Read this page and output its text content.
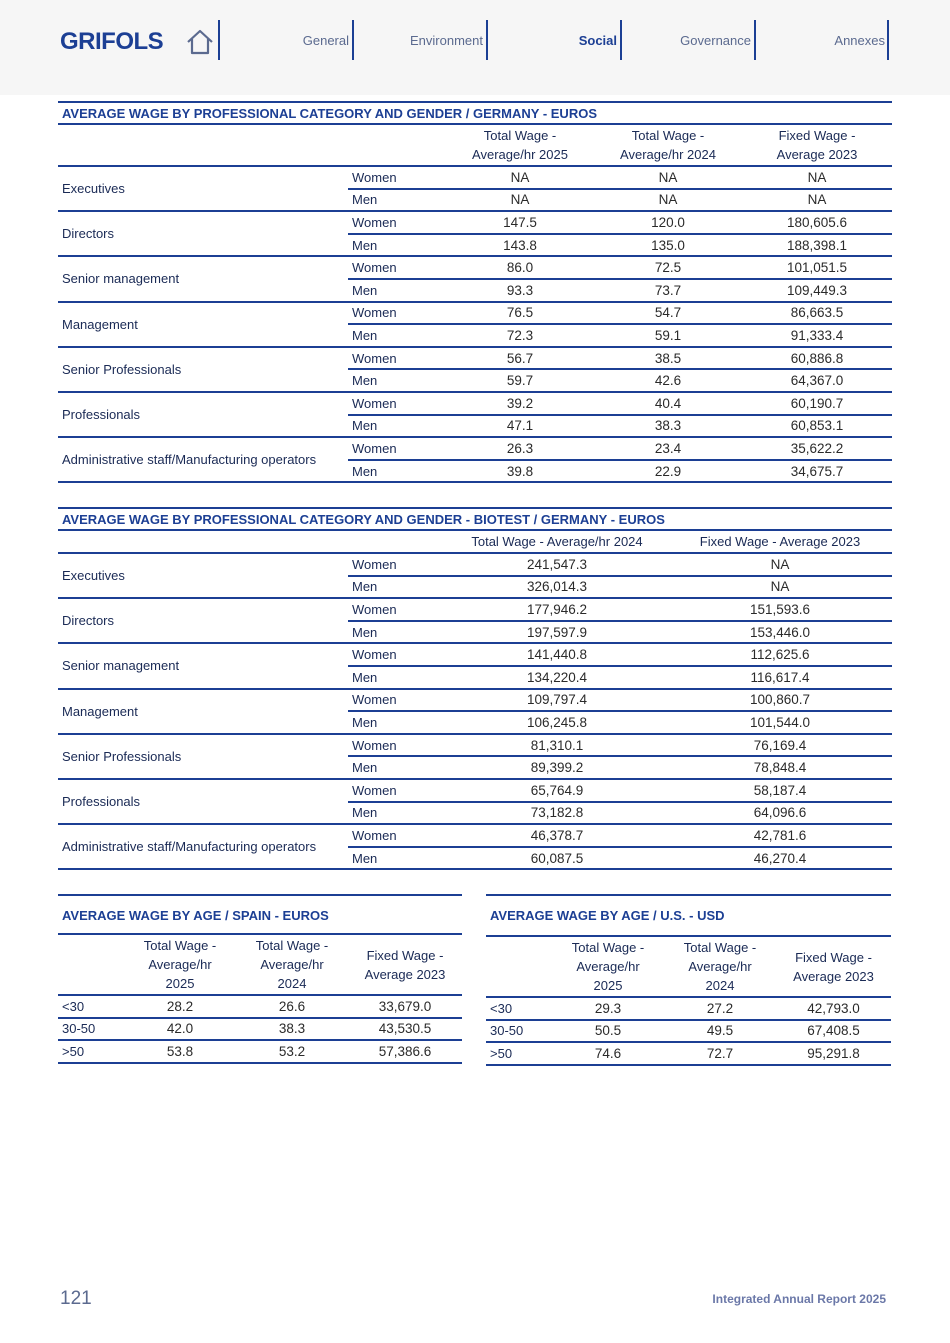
GRIFOLS	General	Environment	Social	Governance	Annexes
AVERAGE WAGE BY PROFESSIONAL CATEGORY AND GENDER / GERMANY - EUROS				
		Total Wage -
Average/hr 2025	Total Wage -
Average/hr 2024	Fixed Wage -
Average 2023
Executives	Women	NA	NA	NA
	Men	NA	NA	NA
Directors	Women	147.5	120.0	180,605.6
	Men	143.8	135.0	188,398.1
Senior management	Women	86.0	72.5	101,051.5
	Men	93.3	73.7	109,449.3
Management	Women	76.5	54.7	86,663.5
	Men	72.3	59.1	91,333.4
Senior Professionals	Women	56.7	38.5	60,886.8
	Men	59.7	42.6	64,367.0
Professionals	Women	39.2	40.4	60,190.7
	Men	47.1	38.3	60,853.1
Administrative staff/Manufacturing operators	Women	26.3	23.4	35,622.2
	Men	39.8	22.9	34,675.7
AVERAGE WAGE BY PROFESSIONAL CATEGORY AND GENDER - BIOTEST / GERMANY - EUROS			
		Total Wage - Average/hr 2024	Fixed Wage - Average 2023
Executives	Women	241,547.3	NA
	Men	326,014.3	NA
Directors	Women	177,946.2	151,593.6
	Men	197,597.9	153,446.0
Senior management	Women	141,440.8	112,625.6
	Men	134,220.4	116,617.4
Management	Women	109,797.4	100,860.7
	Men	106,245.8	101,544.0
Senior Professionals	Women	81,310.1	76,169.4
	Men	89,399.2	78,848.4
Professionals	Women	65,764.9	58,187.4
	Men	73,182.8	64,096.6
Administrative staff/Manufacturing operators	Women	46,378.7	42,781.6
	Men	60,087.5	46,270.4
AVERAGE WAGE BY AGE / SPAIN - EUROS
	Total Wage -
Average/hr
2025	Total Wage -
Average/hr
2024	Fixed Wage -
Average 2023
<30	28.2	26.6	33,679.0
30-50	42.0	38.3	43,530.5
>50	53.8	53.2	57,386.6
AVERAGE WAGE BY AGE / U.S. - USD
	Total Wage -
Average/hr
2025	Total Wage -
Average/hr
2024	Fixed Wage -
Average 2023
<30	29.3	27.2	42,793.0
30-50	50.5	49.5	67,408.5
>50	74.6	72.7	95,291.8
121	Integrated Annual Report 2025
